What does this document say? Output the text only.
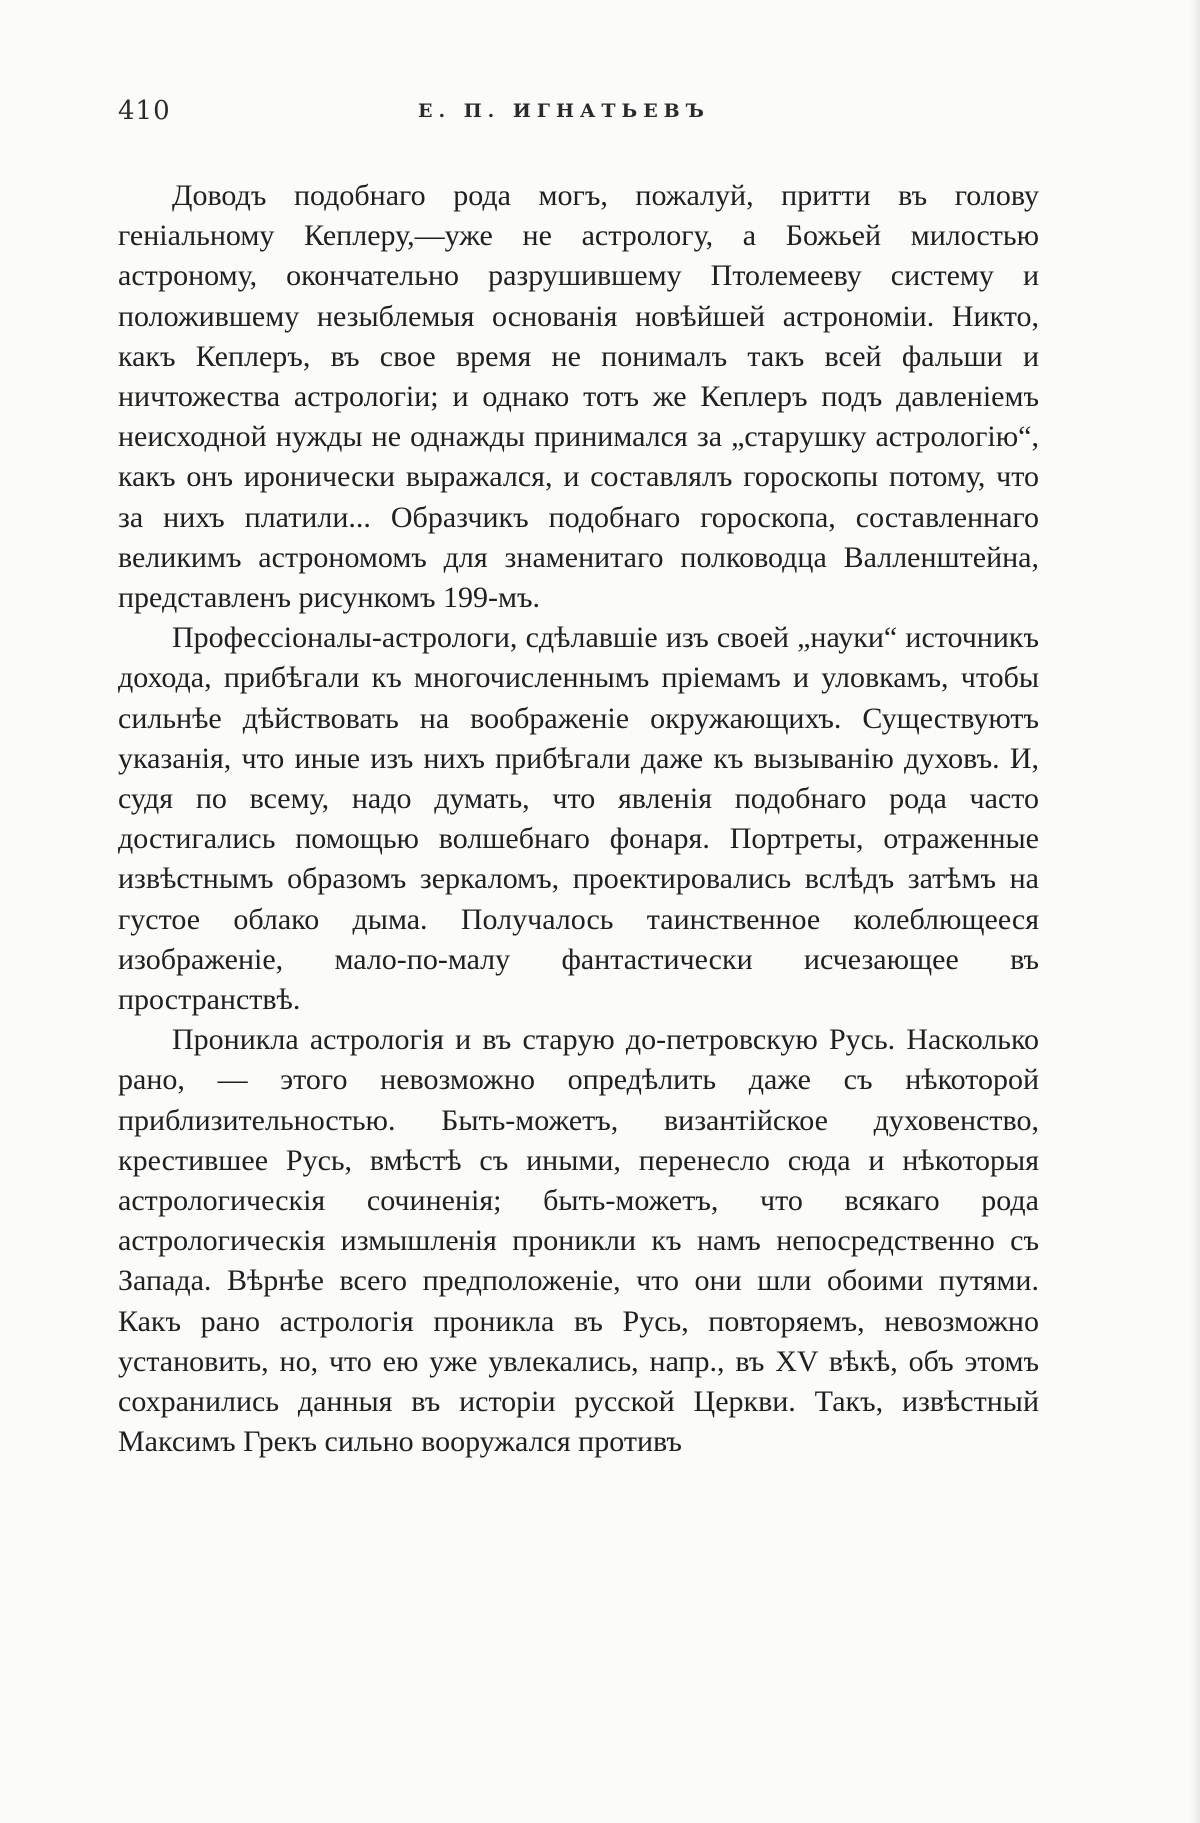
410	Е. П. ИГНАТЬЕВЪ

Доводъ подобнаго рода могъ, пожалуй, притти въ голову геніальному Кеплеру,—уже не астрологу, а Божьей милостью астроному, окончательно разрушившему Птолемееву систему и положившему незыблемыя основанія новѣйшей астрономіи. Никто, какъ Кеплеръ, въ свое время не понималъ такъ всей фальши и ничтожества астрологіи; и однако тотъ же Кеплеръ подъ давленіемъ неисходной нужды не однажды принимался за „старушку астрологію“, какъ онъ иронически выражался, и составлялъ гороскопы потому, что за нихъ платили... Образчикъ подобнаго гороскопа, составленнаго великимъ астрономомъ для знаменитаго полководца Валленштейна, представленъ рисункомъ 199-мъ.

Профессіоналы-астрологи, сдѣлавшіе изъ своей „науки“ источникъ дохода, прибѣгали къ многочисленнымъ пріемамъ и уловкамъ, чтобы сильнѣе дѣйствовать на воображеніе окружающихъ. Существуютъ указанія, что иные изъ нихъ прибѣгали даже къ вызыванію духовъ. И, судя по всему, надо думать, что явленія подобнаго рода часто достигались помощью волшебнаго фонаря. Портреты, отраженные извѣстнымъ образомъ зеркаломъ, проектировались вслѣдъ затѣмъ на густое облако дыма. Получалось таинственное колеблющееся изображеніе, мало-по-малу фантастически исчезающее въ пространствѣ.

Проникла астрологія и въ старую до-петровскую Русь. Насколько рано, — этого невозможно опредѣлить даже съ нѣкоторой приблизительностью. Быть-можетъ, византійское духовенство, крестившее Русь, вмѣстѣ съ иными, перенесло сюда и нѣкоторыя астрологическія сочиненія; быть-можетъ, что всякаго рода астрологическія измышленія проникли къ намъ непосредственно съ Запада. Вѣрнѣе всего предположеніе, что они шли обоими путями. Какъ рано астрологія проникла въ Русь, повторяемъ, невозможно установить, но, что ею уже увлекались, напр., въ XV вѣкѣ, объ этомъ сохранились данныя въ исторіи русской Церкви. Такъ, извѣстный Максимъ Грекъ сильно вооружался противъ
